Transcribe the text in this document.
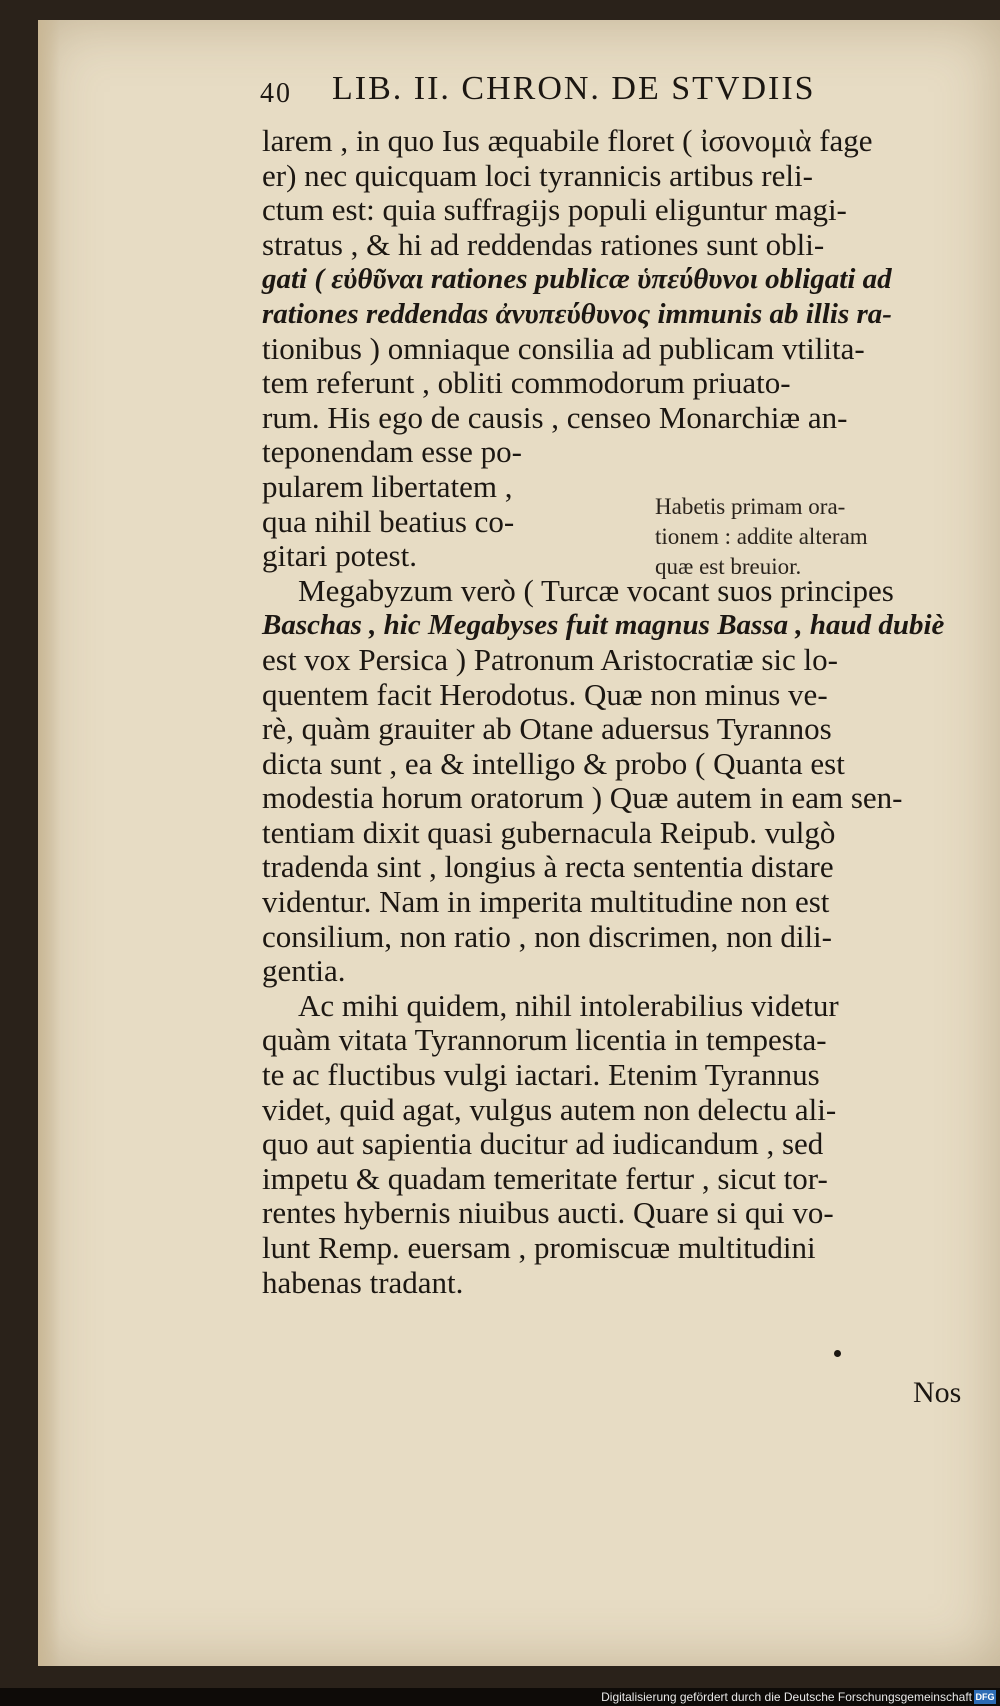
40 LIB. II. CHRON. DE STVDIIS
larem , in quo Ius æquabile floret ( ἰσονομιὰ fage
er) nec quicquam loci tyrannicis artibus reli-
ctum est: quia suffragijs populi eliguntur magi-
stratus , & hi ad reddendas rationes sunt obli-
gati ( εὐθῦναι rationes publicæ ὑπεύθυνοι obligati ad
rationes reddendas ἀνυπεύθυνος immunis ab illis ra-
tionibus ) omniaque consilia ad publicam vtilita-
tem referunt , obliti commodorum priuato-
rum. His ego de causis , censeo Monarchiæ an-
teponendam esse po-
pularem libertatem ,
qua nihil beatius co-
gitari potest.
Megabyzum verò ( Turcæ vocant suos principes
Baschas , hic Megabyses fuit magnus Bassa , haud dubiè
est vox Persica ) Patronum Aristocratiæ sic lo-
quentem facit Herodotus. Quæ non minus ve-
rè, quàm grauiter ab Otane aduersus Tyrannos
dicta sunt , ea & intelligo & probo ( Quanta est
modestia horum oratorum ) Quæ autem in eam sen-
tentiam dixit quasi gubernacula Reipub. vulgò
tradenda sint , longius à recta sententia distare
videntur. Nam in imperita multitudine non est
consilium, non ratio , non discrimen, non dili-
gentia.
Ac mihi quidem, nihil intolerabilius videtur
quàm vitata Tyrannorum licentia in tempesta-
te ac fluctibus vulgi iactari. Etenim Tyrannus
videt, quid agat, vulgus autem non delectu ali-
quo aut sapientia ducitur ad iudicandum , sed
impetu & quadam temeritate fertur , sicut tor-
rentes hybernis niuibus aucti. Quare si qui vo-
lunt Remp. euersam , promiscuæ multitudini
habenas tradant.
Habetis primam ora-
tionem : addite alteram
quæ est breuior.
Nos
Digitalisierung gefördert durch die Deutsche Forschungsgemeinschaft DFG
